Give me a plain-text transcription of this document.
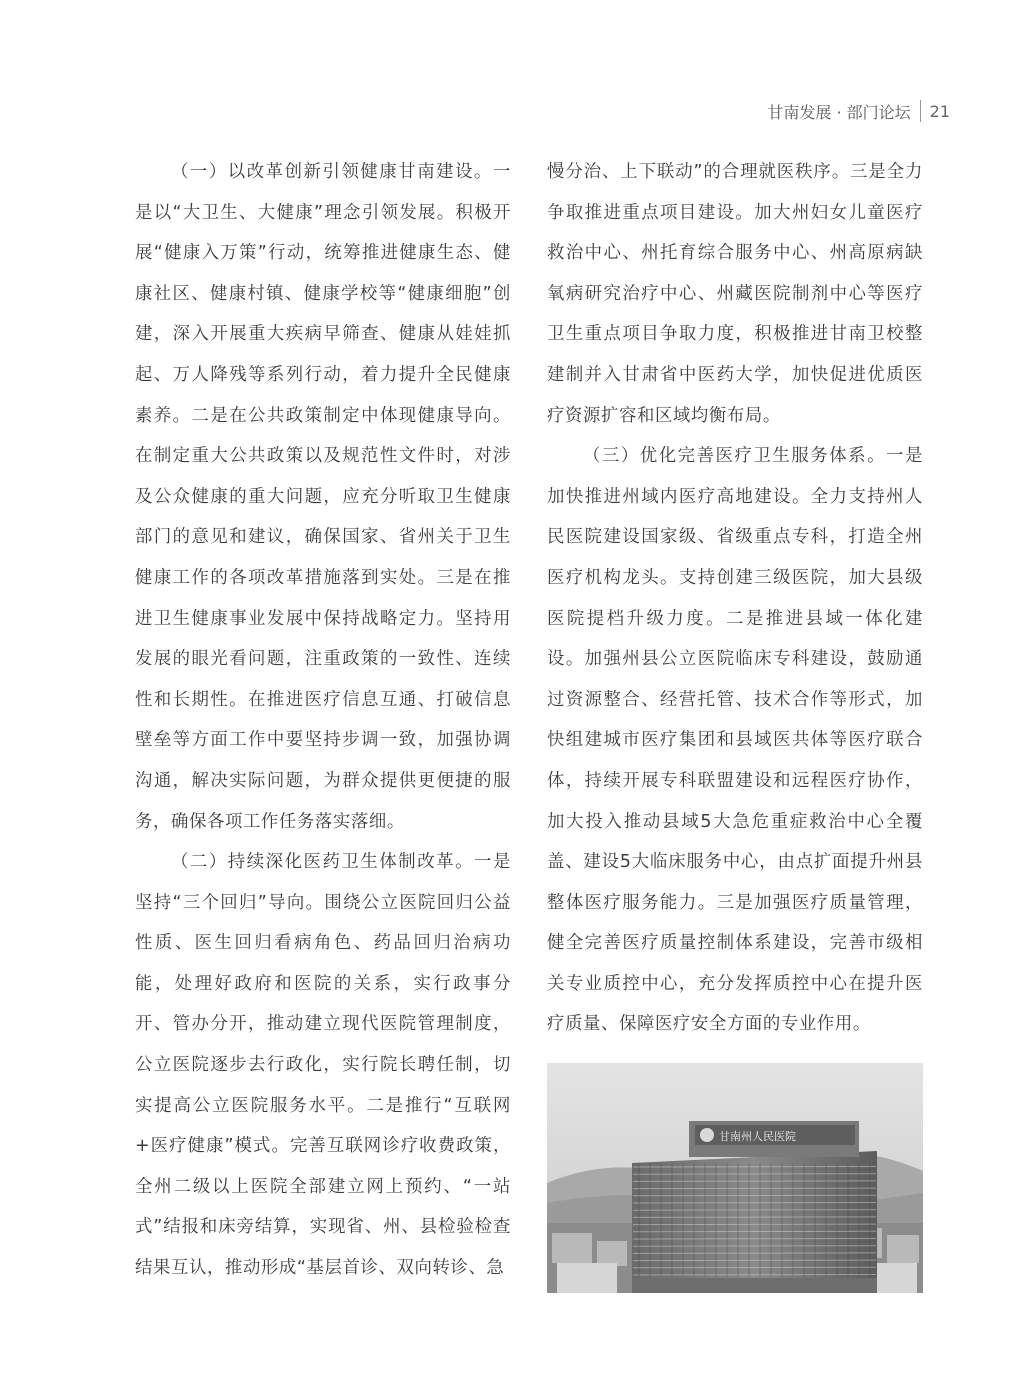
甘南发展 · 部门论坛 21

（一）以改革创新引领健康甘南建设。一是以“大卫生、大健康”理念引领发展。积极开展“健康入万策”行动，统筹推进健康生态、健康社区、健康村镇、健康学校等“健康细胞”创建，深入开展重大疾病早筛查、健康从娃娃抓起、万人降残等系列行动，着力提升全民健康素养。二是在公共政策制定中体现健康导向。在制定重大公共政策以及规范性文件时，对涉及公众健康的重大问题，应充分听取卫生健康部门的意见和建议，确保国家、省州关于卫生健康工作的各项改革措施落到实处。三是在推进卫生健康事业发展中保持战略定力。坚持用发展的眼光看问题，注重政策的一致性、连续性和长期性。在推进医疗信息互通、打破信息壁垒等方面工作中要坚持步调一致，加强协调沟通，解决实际问题，为群众提供更便捷的服务，确保各项工作任务落实落细。

（二）持续深化医药卫生体制改革。一是坚持“三个回归”导向。围绕公立医院回归公益性质、医生回归看病角色、药品回归治病功能，处理好政府和医院的关系，实行政事分开、管办分开，推动建立现代医院管理制度，公立医院逐步去行政化，实行院长聘任制，切实提高公立医院服务水平。二是推行“互联网+医疗健康”模式。完善互联网诊疗收费政策，全州二级以上医院全部建立网上预约、“一站式”结报和床旁结算，实现省、州、县检验检查结果互认，推动形成“基层首诊、双向转诊、急

慢分治、上下联动”的合理就医秩序。三是全力争取推进重点项目建设。加大州妇女儿童医疗救治中心、州托育综合服务中心、州高原病缺氧病研究治疗中心、州藏医院制剂中心等医疗卫生重点项目争取力度，积极推进甘南卫校整建制并入甘肃省中医药大学，加快促进优质医疗资源扩容和区域均衡布局。

（三）优化完善医疗卫生服务体系。一是加快推进州域内医疗高地建设。全力支持州人民医院建设国家级、省级重点专科，打造全州医疗机构龙头。支持创建三级医院，加大县级医院提档升级力度。二是推进县域一体化建设。加强州县公立医院临床专科建设，鼓励通过资源整合、经营托管、技术合作等形式，加快组建城市医疗集团和县域医共体等医疗联合体，持续开展专科联盟建设和远程医疗协作，加大投入推动县域5大急危重症救治中心全覆盖、建设5大临床服务中心，由点扩面提升州县整体医疗服务能力。三是加强医疗质量管理，健全完善医疗质量控制体系建设，完善市级相关专业质控中心，充分发挥质控中心在提升医疗质量、保障医疗安全方面的专业作用。

甘南州人民医院
